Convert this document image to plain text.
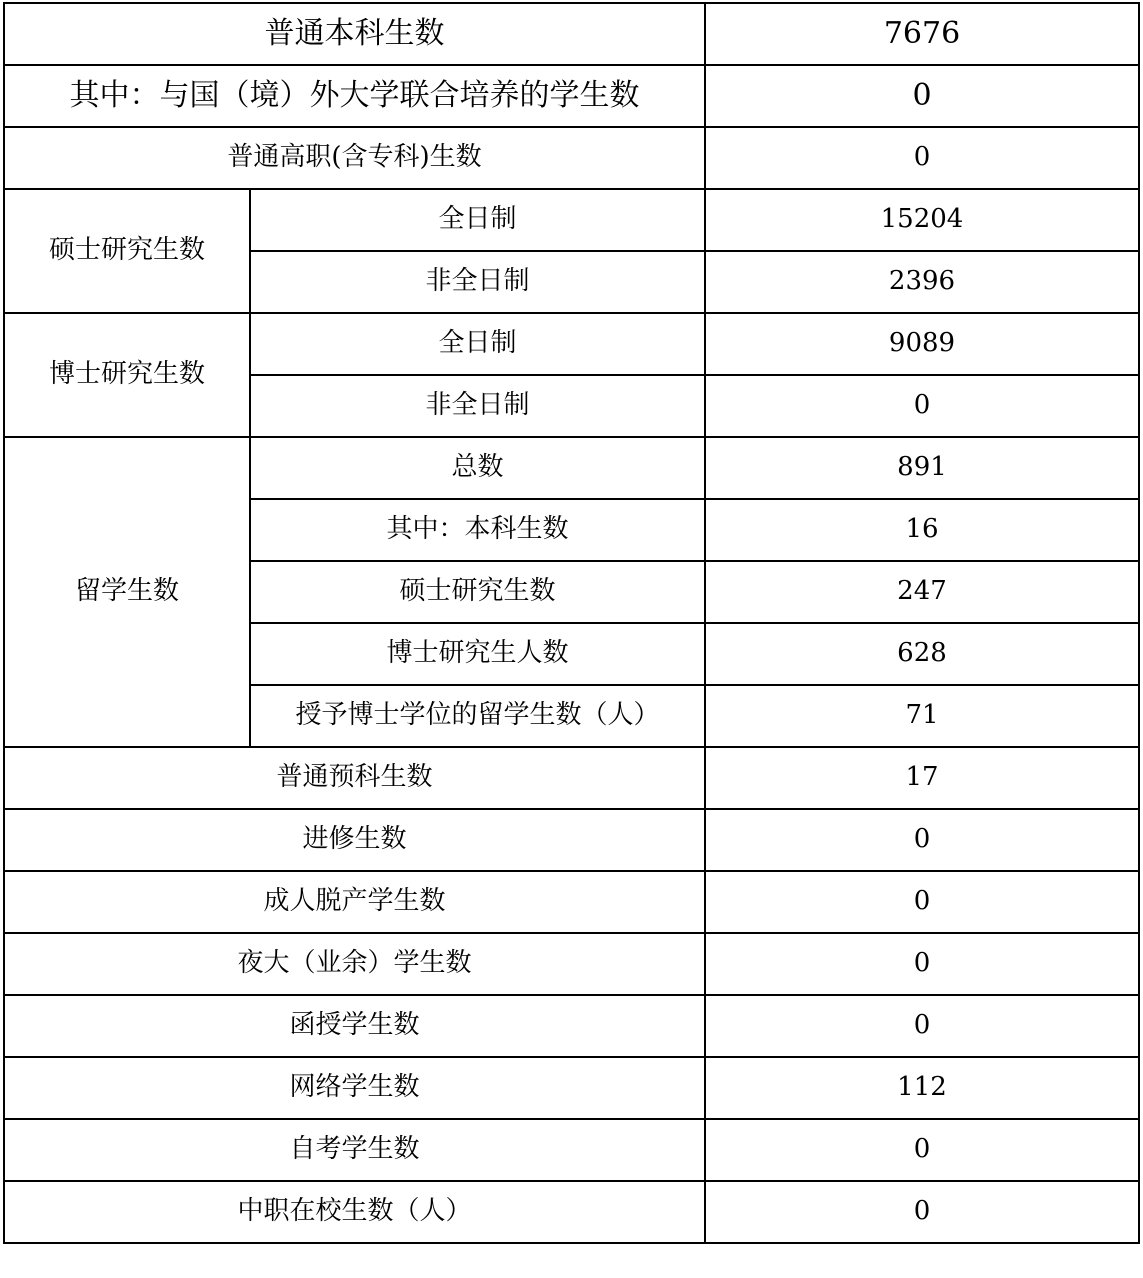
普通本科生数		7676
其中：与国（境）外大学联合培养的学生数		0
普通高职(含专科)生数		0
硕士研究生数	全日制	15204
	非全日制	2396
博士研究生数	全日制	9089
	非全日制	0
留学生数	总数	891
	其中：本科生数	16
	硕士研究生数	247
	博士研究生人数	628
	授予博士学位的留学生数（人）	71
普通预科生数		17
进修生数		0
成人脱产学生数		0
夜大（业余）学生数		0
函授学生数		0
网络学生数		112
自考学生数		0
中职在校生数（人）		0
